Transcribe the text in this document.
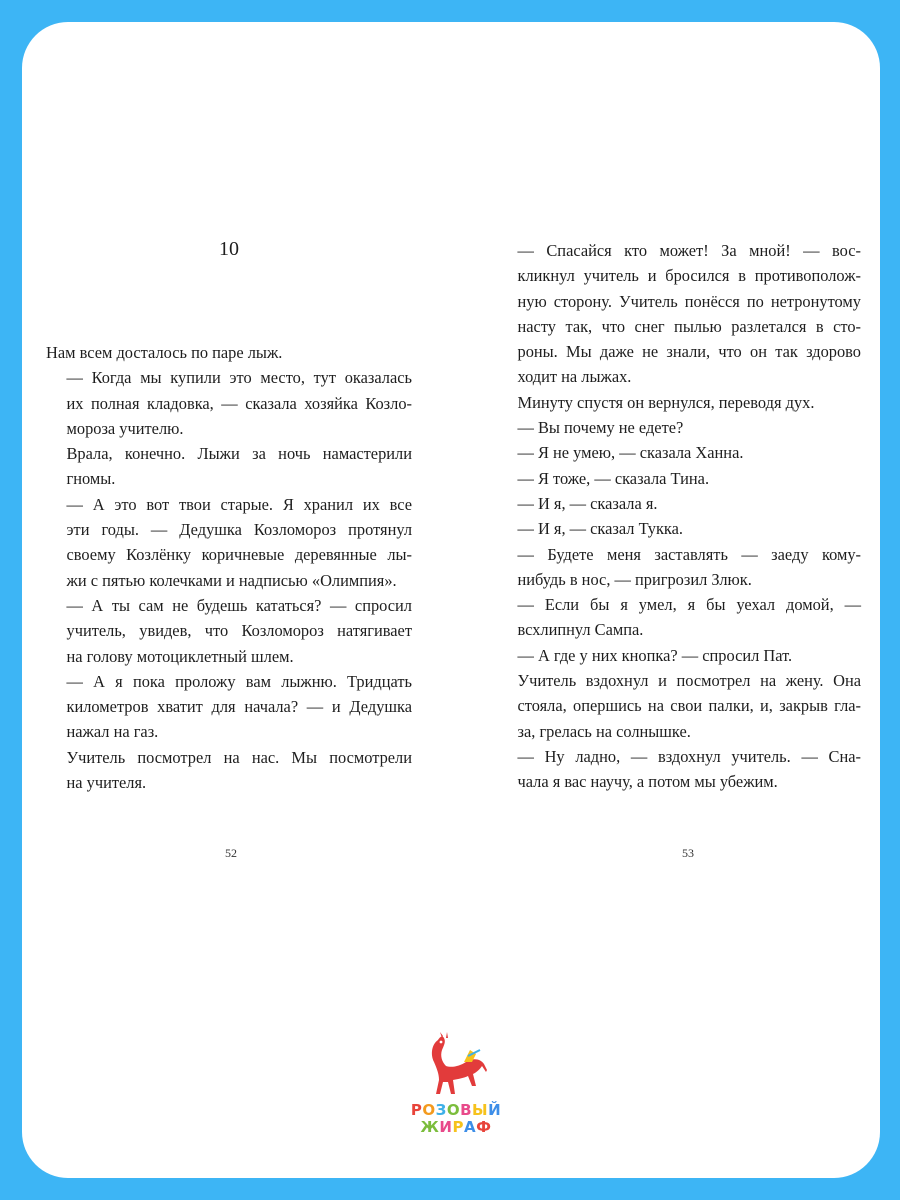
10

Нам всем досталось по паре лыж.

— Когда мы купили это место, тут оказалась
их полная кладовка, — сказала хозяйка Козло-
мороза учителю.

Врала, конечно. Лыжи за ночь намастерили
гномы.

— А это вот твои старые. Я хранил их все
эти годы. — Дедушка Козломороз протянул
своему Козлёнку коричневые деревянные лы-
жи с пятью колечками и надписью «Олимпия».

— А ты сам не будешь кататься? — спросил
учитель, увидев, что Козломороз натягивает
на голову мотоциклетный шлем.

— А я пока проложу вам лыжню. Тридцать
километров хватит для начала? — и Дедушка
нажал на газ.

Учитель посмотрел на нас. Мы посмотрели
на учителя.

52

— Спасайся кто может! За мной! — вос-
кликнул учитель и бросился в противополож-
ную сторону. Учитель понёсся по нетронутому
насту так, что снег пылью разлетался в сто-
роны. Мы даже не знали, что он так здорово
ходит на лыжах.

Минуту спустя он вернулся, переводя дух.

— Вы почему не едете?

— Я не умею, — сказала Ханна.

— Я тоже, — сказала Тина.

— И я, — сказала я.

— И я, — сказал Тукка.

— Будете меня заставлять — заеду кому-
нибудь в нос, — пригрозил Злюк.

— Если бы я умел, я бы уехал домой, —
всхлипнул Сампа.

— А где у них кнопка? — спросил Пат.

Учитель вздохнул и посмотрел на жену. Она
стояла, опершись на свои палки, и, закрыв гла-
за, грелась на солнышке.

— Ну ладно, — вздохнул учитель. — Сна-
чала я вас научу, а потом мы убежим.

53
РОЗОВЫЙ
ЖИРАФ
